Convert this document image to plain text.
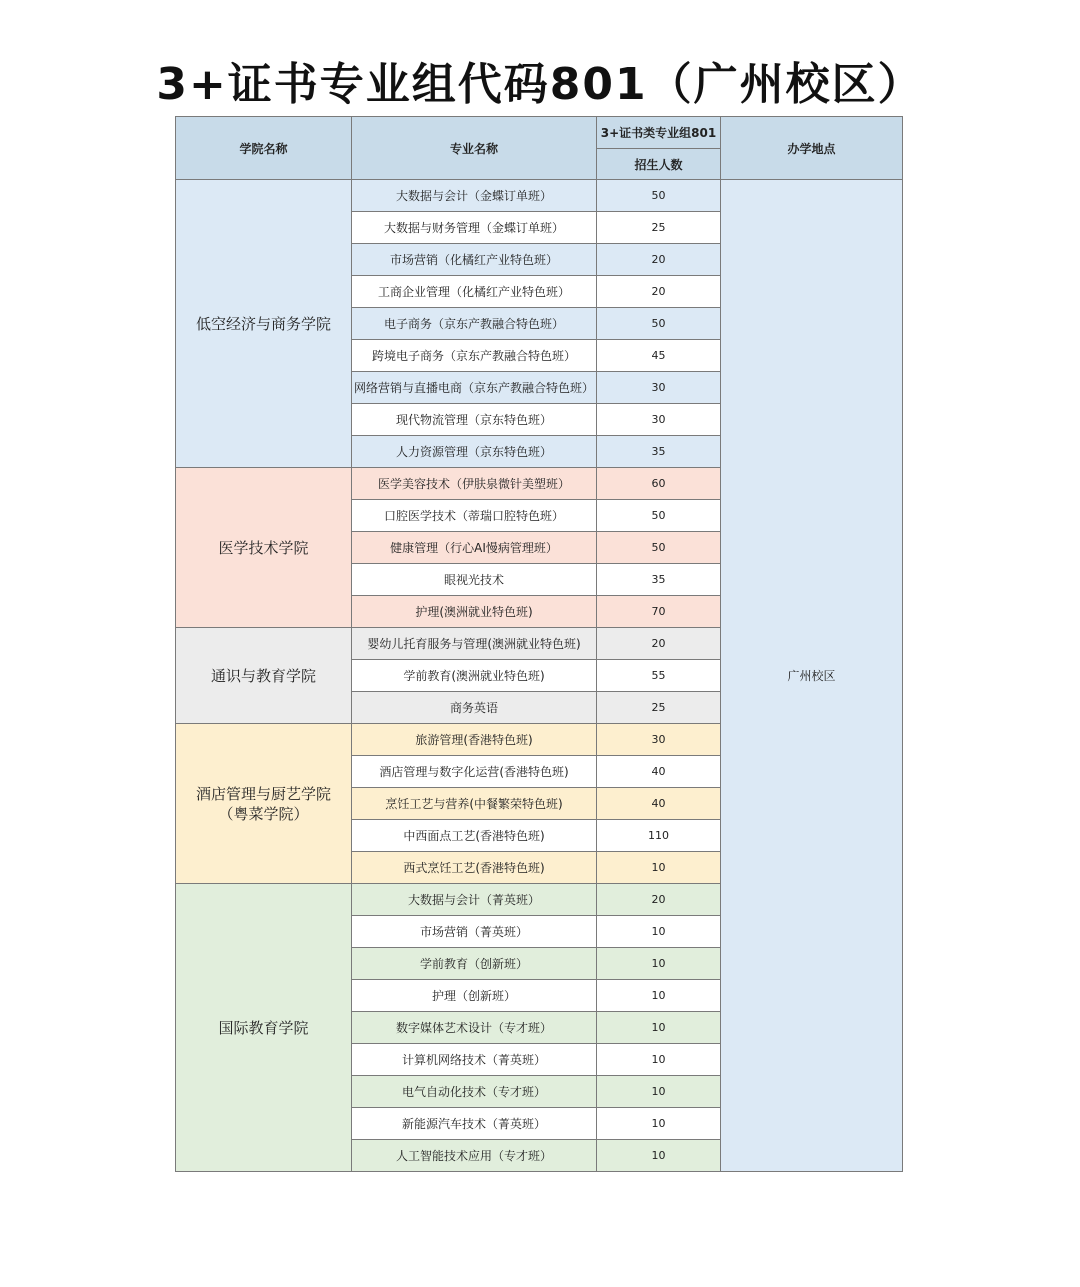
3+证书专业组代码801（广州校区）
学院名称	专业名称	3+证书类专业组801	办学地点
		招生人数	
低空经济与商务学院	大数据与会计（金蝶订单班）	50	广州校区
	大数据与财务管理（金蝶订单班）	25	
	市场营销（化橘红产业特色班）	20	
	工商企业管理（化橘红产业特色班）	20	
	电子商务（京东产教融合特色班）	50	
	跨境电子商务（京东产教融合特色班）	45	
	网络营销与直播电商（京东产教融合特色班）	30	
	现代物流管理（京东特色班）	30	
	人力资源管理（京东特色班）	35	
医学技术学院	医学美容技术（伊肤泉微针美塑班）	60	
	口腔医学技术（蒂瑞口腔特色班）	50	
	健康管理（行心AI慢病管理班）	50	
	眼视光技术	35	
	护理(澳洲就业特色班)	70	
通识与教育学院	婴幼儿托育服务与管理(澳洲就业特色班)	20	
	学前教育(澳洲就业特色班)	55	
	商务英语	25	
酒店管理与厨艺学院
（粤菜学院）	旅游管理(香港特色班)	30	
	酒店管理与数字化运营(香港特色班)	40	
	烹饪工艺与营养(中餐繁荣特色班)	40	
	中西面点工艺(香港特色班)	110	
	西式烹饪工艺(香港特色班)	10	
国际教育学院	大数据与会计（菁英班）	20	
	市场营销（菁英班）	10	
	学前教育（创新班）	10	
	护理（创新班）	10	
	数字媒体艺术设计（专才班）	10	
	计算机网络技术（菁英班）	10	
	电气自动化技术（专才班）	10	
	新能源汽车技术（菁英班）	10	
	人工智能技术应用（专才班）	10	
